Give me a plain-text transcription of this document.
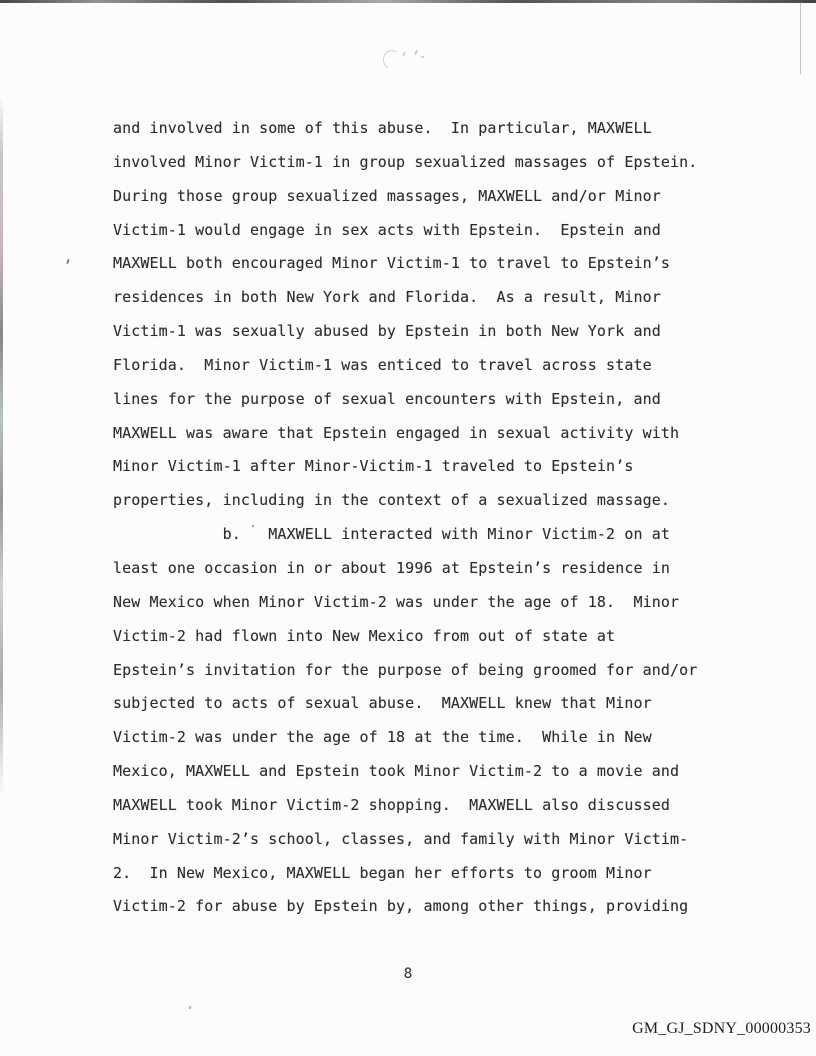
and involved in some of this abuse.  In particular, MAXWELL
involved Minor Victim-1 in group sexualized massages of Epstein.
During those group sexualized massages, MAXWELL and/or Minor
Victim-1 would engage in sex acts with Epstein.  Epstein and
MAXWELL both encouraged Minor Victim-1 to travel to Epstein’s
residences in both New York and Florida.  As a result, Minor
Victim-1 was sexually abused by Epstein in both New York and
Florida.  Minor Victim-1 was enticed to travel across state
lines for the purpose of sexual encounters with Epstein, and
MAXWELL was aware that Epstein engaged in sexual activity with
Minor Victim-1 after Minor-Victim-1 traveled to Epstein’s
properties, including in the context of a sexualized massage.
b.   MAXWELL interacted with Minor Victim-2 on at
least one occasion in or about 1996 at Epstein’s residence in
New Mexico when Minor Victim-2 was under the age of 18.  Minor
Victim-2 had flown into New Mexico from out of state at
Epstein’s invitation for the purpose of being groomed for and/or
subjected to acts of sexual abuse.  MAXWELL knew that Minor
Victim-2 was under the age of 18 at the time.  While in New
Mexico, MAXWELL and Epstein took Minor Victim-2 to a movie and
MAXWELL took Minor Victim-2 shopping.  MAXWELL also discussed
Minor Victim-2’s school, classes, and family with Minor Victim-
2.  In New Mexico, MAXWELL began her efforts to groom Minor
Victim-2 for abuse by Epstein by, among other things, providing
8
GM_GJ_SDNY_00000353
